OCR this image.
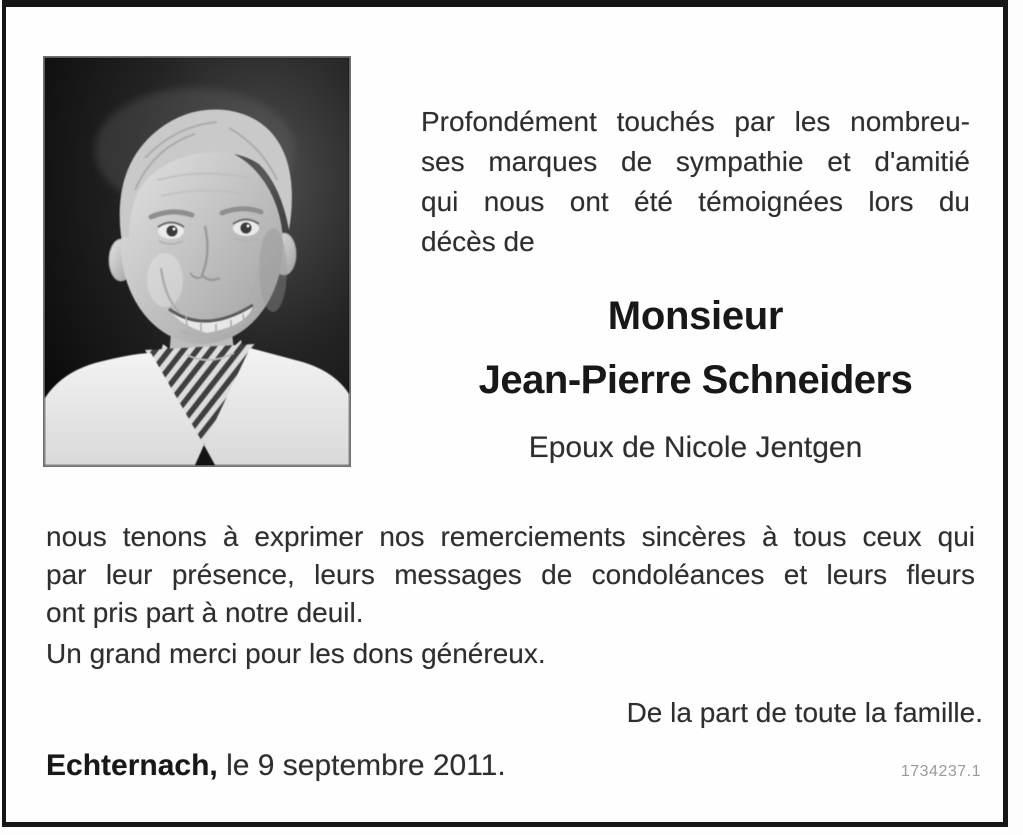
Profondément touchés par les nombreu-
ses marques de sympathie et d'amitié
qui nous ont été témoignées lors du
décès de
Monsieur
Jean-Pierre Schneiders
Epoux de Nicole Jentgen
nous tenons à exprimer nos remerciements sincères à tous ceux qui
par leur présence, leurs messages de condoléances et leurs fleurs
ont pris part à notre deuil.
Un grand merci pour les dons généreux.
De la part de toute la famille.
Echternach, le 9 septembre 2011.	1734237.1
